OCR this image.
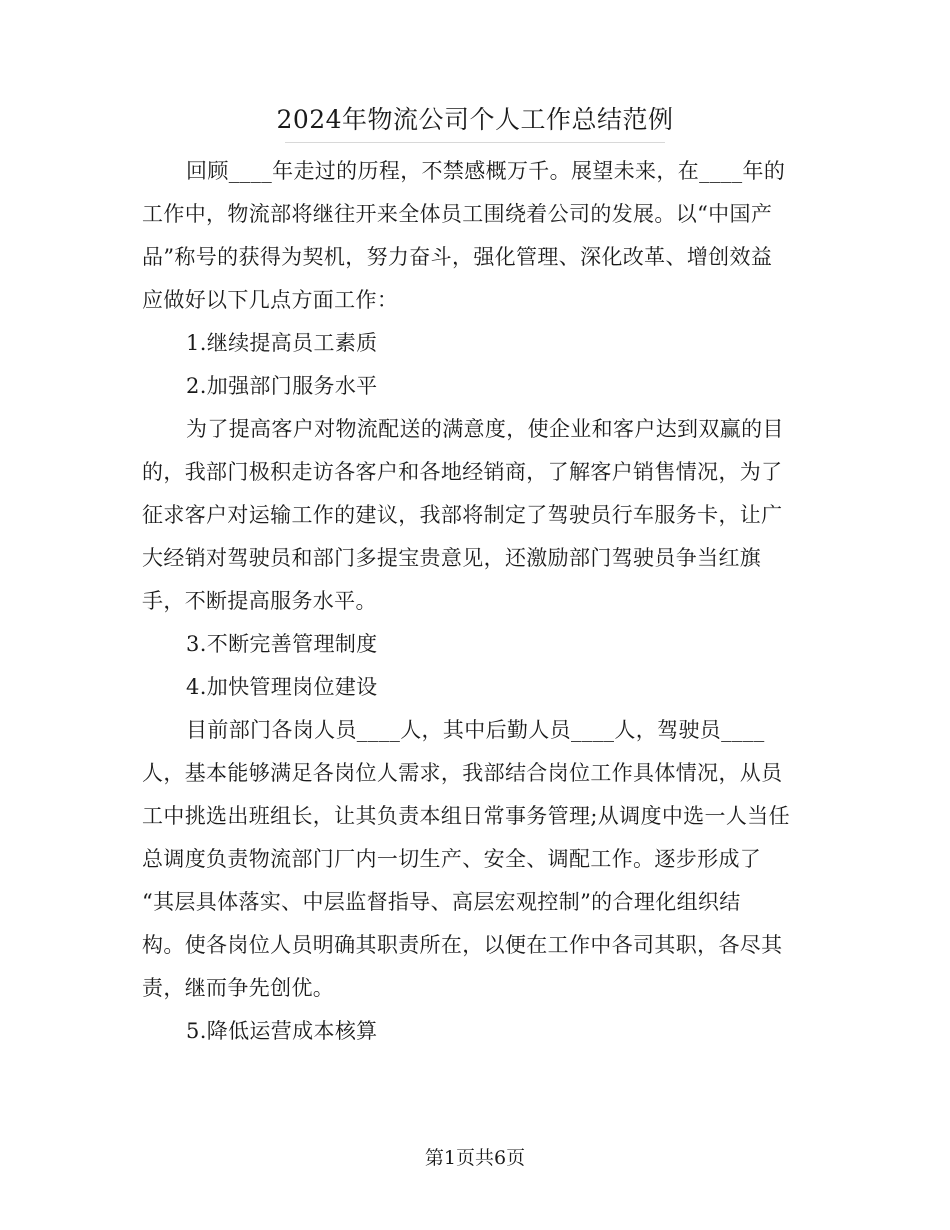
2024年物流公司个人工作总结范例
回顾____年走过的历程，不禁感概万千。展望未来，在____年的
工作中，物流部将继往开来全体员工围绕着公司的发展。以“中国产
品”称号的获得为契机，努力奋斗，强化管理、深化改革、增创效益
应做好以下几点方面工作：
1.继续提高员工素质
2.加强部门服务水平
为了提高客户对物流配送的满意度，使企业和客户达到双赢的目
的，我部门极积走访各客户和各地经销商，了解客户销售情况，为了
征求客户对运输工作的建议，我部将制定了驾驶员行车服务卡，让广
大经销对驾驶员和部门多提宝贵意见，还激励部门驾驶员争当红旗
手，不断提高服务水平。
3.不断完善管理制度
4.加快管理岗位建设
目前部门各岗人员____人，其中后勤人员____人，驾驶员____
人，基本能够满足各岗位人需求，我部结合岗位工作具体情况，从员
工中挑选出班组长，让其负责本组日常事务管理;从调度中选一人当任
总调度负责物流部门厂内一切生产、安全、调配工作。逐步形成了
“其层具体落实、中层监督指导、高层宏观控制”的合理化组织结
构。使各岗位人员明确其职责所在，以便在工作中各司其职，各尽其
责，继而争先创优。
5.降低运营成本核算
第1页共6页
